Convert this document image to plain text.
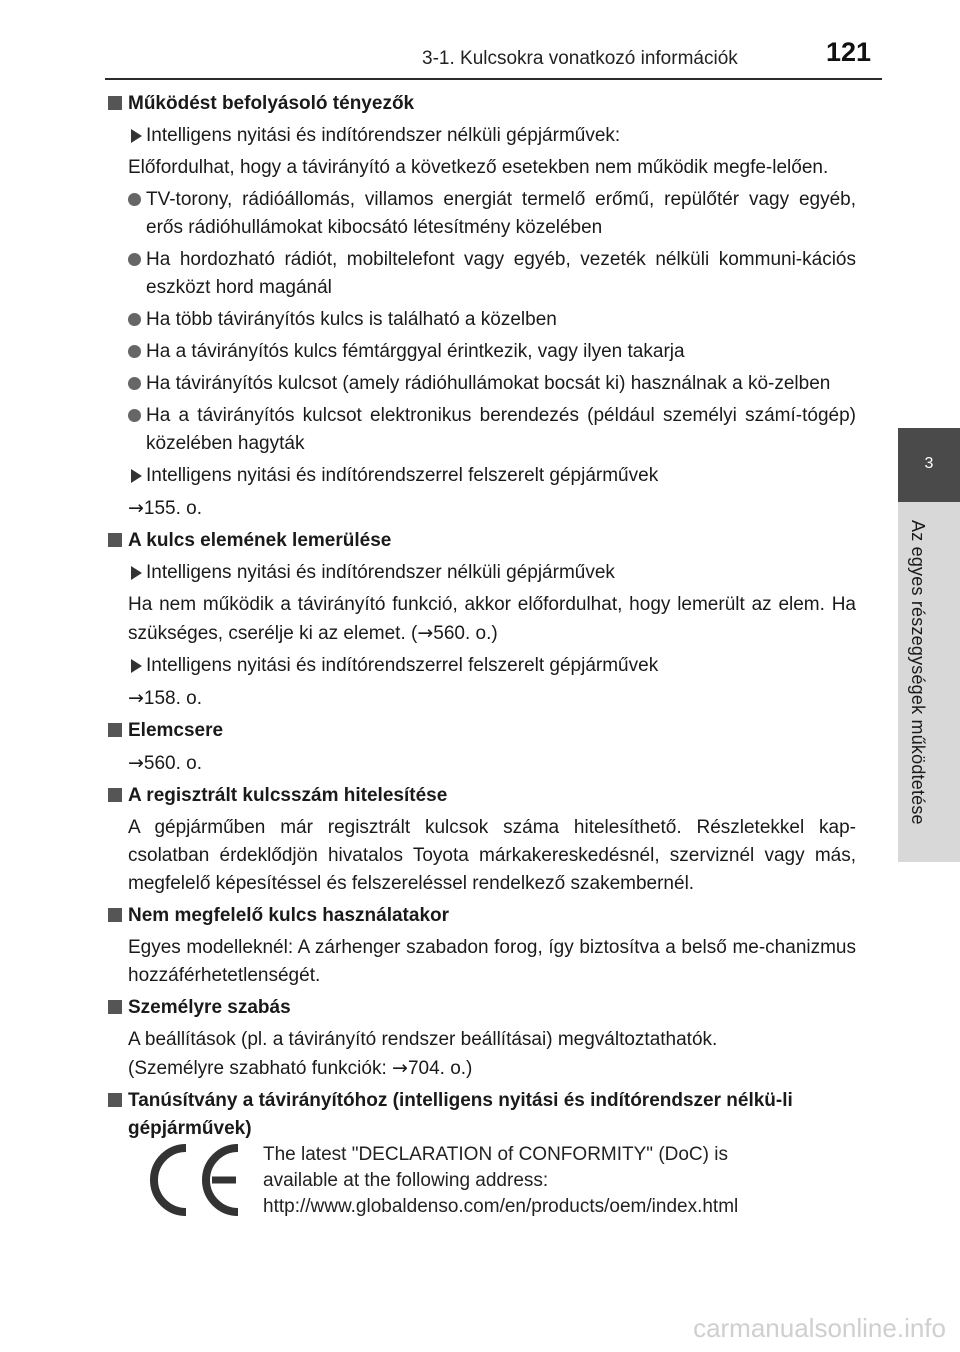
3-1. Kulcsokra vonatkozó információk	121
3
Az egyes részegységek működtetése
Működést befolyásoló tényezők
Intelligens nyitási és indítórendszer nélküli gépjárművek:
Előfordulhat, hogy a távirányító a következő esetekben nem működik megfe-lelően.
TV-torony, rádióállomás, villamos energiát termelő erőmű, repülőtér vagy egyéb, erős rádióhullámokat kibocsátó létesítmény közelében
Ha hordozható rádiót, mobiltelefont vagy egyéb, vezeték nélküli kommuni-kációs eszközt hord magánál
Ha több távirányítós kulcs is található a közelben
Ha a távirányítós kulcs fémtárggyal érintkezik, vagy ilyen takarja
Ha távirányítós kulcsot (amely rádióhullámokat bocsát ki) használnak a kö-zelben
Ha a távirányítós kulcsot elektronikus berendezés (például személyi számí-tógép) közelében hagyták
Intelligens nyitási és indítórendszerrel felszerelt gépjárművek
→155. o.
A kulcs elemének lemerülése
Intelligens nyitási és indítórendszer nélküli gépjárművek
Ha nem működik a távirányító funkció, akkor előfordulhat, hogy lemerült az elem. Ha szükséges, cserélje ki az elemet. (→560. o.)
Intelligens nyitási és indítórendszerrel felszerelt gépjárművek
→158. o.
Elemcsere
→560. o.
A regisztrált kulcsszám hitelesítése
A gépjárműben már regisztrált kulcsok száma hitelesíthető. Részletekkel kap-csolatban érdeklődjön hivatalos Toyota márkakereskedésnél, szerviznél vagy más, megfelelő képesítéssel és felszereléssel rendelkező szakembernél.
Nem megfelelő kulcs használatakor
Egyes modelleknél: A zárhenger szabadon forog, így biztosítva a belső me-chanizmus hozzáférhetetlenségét.
Személyre szabás
A beállítások (pl. a távirányító rendszer beállításai) megváltoztathatók.
(Személyre szabható funkciók: →704. o.)
Tanúsítvány a távirányítóhoz (intelligens nyitási és indítórendszer nélkü-li gépjárművek)
The latest "DECLARATION of CONFORMITY" (DoC) is
available at the following address:
http://www.globaldenso.com/en/products/oem/index.html
carmanualsonline.info
